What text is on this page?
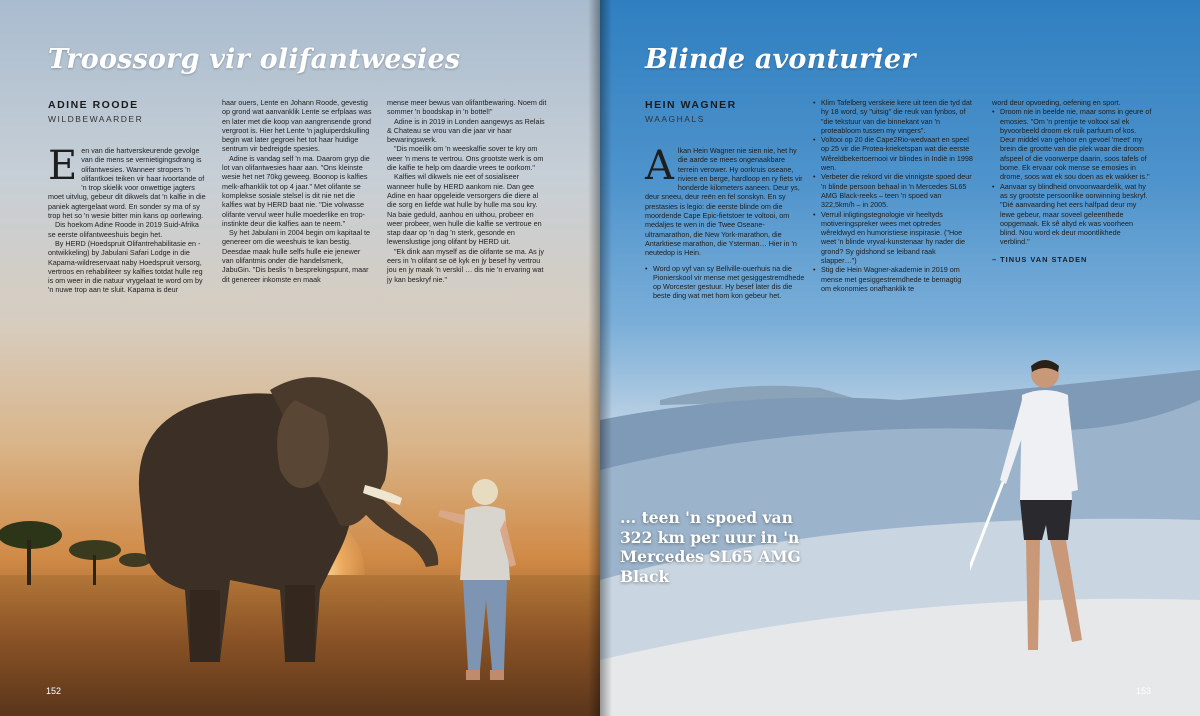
Troossorg vir olifantwesies
ADINE ROODE
WILDBEWAARDER

Een van die hartverskeurende gevolge van die mens se vernietigingsdrang is olifantwesies. Wanneer stropers 'n olifantkoei teiken vir haar ivoortande of 'n trop skielik voor onwettige jagters moet uitvlug, gebeur dit dikwels dat 'n kalfie in die paniek agtergelaat word. En sonder sy ma of sy trop het so 'n wesie bitter min kans op oorlewing.

Dis hoekom Adine Roode in 2019 Suid-Afrika se eerste olifantweeshuis begin het.

By HERD (Hoedspruit Olifantrehabilitasie en -ontwikkeling) by Jabulani Safari Lodge in die Kapama-wildreservaat naby Hoedspruit versorg, vertroos en rehabiliteer sy kalfies totdat hulle reg is om weer in die natuur vrygelaat te word om by 'n nuwe trop aan te sluit. Kapama is deur

haar ouers, Lente en Johann Roode, gevestig op grond wat aanvanklik Lente se erfplaas was en later met die koop van aangrensende grond vergroot is. Hier het Lente 'n jagluiperdskulling begin wat later gegroei het tot haar huidige sentrum vir bedreigde spesies.

Adine is vandag self 'n ma. Daarom gryp die lot van olifantwesies haar aan. "Ons kleinste wesie het net 70kg geweeg. Boonop is kalfies melk-afhanklik tot op 4 jaar." Met olifante se komplekse sosiale stelsel is dit nie net die kalfies wat by HERD baat nie. "Die volwasse olifante vervul weer hulle moederlike en trop-instinkte deur die kalfies aan te neem."

Sy het Jabulani in 2004 begin om kapitaal te genereer om die weeshuis te kan bestig. Deesdae maak hulle selfs hulle eie jenewer van olifantmis onder die handelsmerk, JabuGin. "Dis beslis 'n besprekingspunt, maar dit genereer inkomste en maak

mense meer bewus van olifantbewaring. Noem dit sommer 'n boodskap in 'n bottel!"

Adine is in 2019 in Londen aangewys as Relais & Chateau se vrou van die jaar vir haar bewaringswerk.

"Dis moeilik om 'n weeskalfie sover te kry om weer 'n mens te vertrou. Ons grootste werk is om die kalfie te help om daardie vrees te oorkom."

Kalfies wil dikwels nie eet of sosialiseer wanneer hulle by HERD aankom nie. Dan gee Adine en haar opgeleide versorgers die diere al die sorg en liefde wat hulle by hulle ma sou kry. Na baie geduld, aanhou en uithou, probeer en weer probeer, wen hulle die kalfie se vertroue en stap daar op 'n dag 'n sterk, gesonde en lewenslustige jong olifant by HERD uit.

"Ek dink aan myself as die olifante se ma. As jy eers in 'n olifant se oë kyk en jy besef hy vertrou jou en jy maak 'n verskil … dis nie 'n ervaring wat jy kan beskryf nie."

152
Blinde avonturier
HEIN WAGNER
WAAGHALS

Alkan Hein Wagner nie sien nie, het hy die aarde se mees ongenaakbare terrein verower. Hy oorkruis oseane, riviere en berge, hardloop en ry fiets vir honderde kilometers aaneen. Deur ys, deur sneeu, deur reën en fel sonskyn. En sy prestasies is legio: die eerste blinde om die moordende Cape Epic-fietstoer te voltooi, om medaljes te wen in die Twee Oseane-ultramarathon, die New York-marathon, die Antarktiese marathon, die Ysterman… Hier in 'n neutedop is Hein.

• Word op vyf van sy Bellville-ouerhuis na die Pionierskool vir mense met gesiggestremdhede op Worcester gestuur. Hy besef later dis die beste ding wat met hom kon gebeur het.
• Klim Tafelberg verskeie kere uit teen die tyd dat hy 18 word, sy "uitsig" die reuk van fynbos, of "die tekstuur van die binnekant van 'n proteabloom tussen my vingers".
• Voltooi op 20 die Cape2Rio-wedvaart en speel op 25 vir die Protea-krieketspan wat die eerste Wêreldbekertoernooi vir blindes in Indië in 1998 wen.
• Verbeter die rekord vir die vinnigste spoed deur 'n blinde persoon behaal in 'n Mercedes SL65 AMG Black-reeks – teen 'n spoed van 322,5km/h – in 2005.
• Verruil inligtingstegnologie vir heeltyds motiveringspreker wees met optredes wêreldwyd en humoristiese inspirasie. ("Hoe weet 'n blinde vryval-kunstenaar hy nader die grond? Sy gidshond se leiband raak slapper…")
• Stig die Hein Wagner-akademie in 2019 om mense met gesiggestremdhede te bemagtig om ekonomies onafhanklik te

word deur opvoeding, oefening en sport.

• Droom nie in beelde nie, maar soms in geure of emosies. "Om 'n prentjie te voltooi sal ek byvoorbeeld droom ek ruik parfuum of kos. Deur middel van gehoor en gevoel 'meet' my brein die grootte van die plek waar die droom afspeel of die voorwerpe daarin, soos tafels of bome. Ek ervaar ook mense se emosies in drome, soos wat ek sou doen as ek wakker is."
• Aanvaar sy blindheid onvoorwaardelik, wat hy as sy grootste persoonlike oorwinning beskryf. "Dié aanvaarding het eers halfpad deur my lewe gebeur, maar soveel geleenthede oopgemaak. Ek sê altyd ek was voorheen blind. Nou word ek deur moontlikhede verblind."
– TINUS VAN STADEN
153
... teen 'n spoed van 322 km per uur in 'n Mercedes SL65 AMG Black
